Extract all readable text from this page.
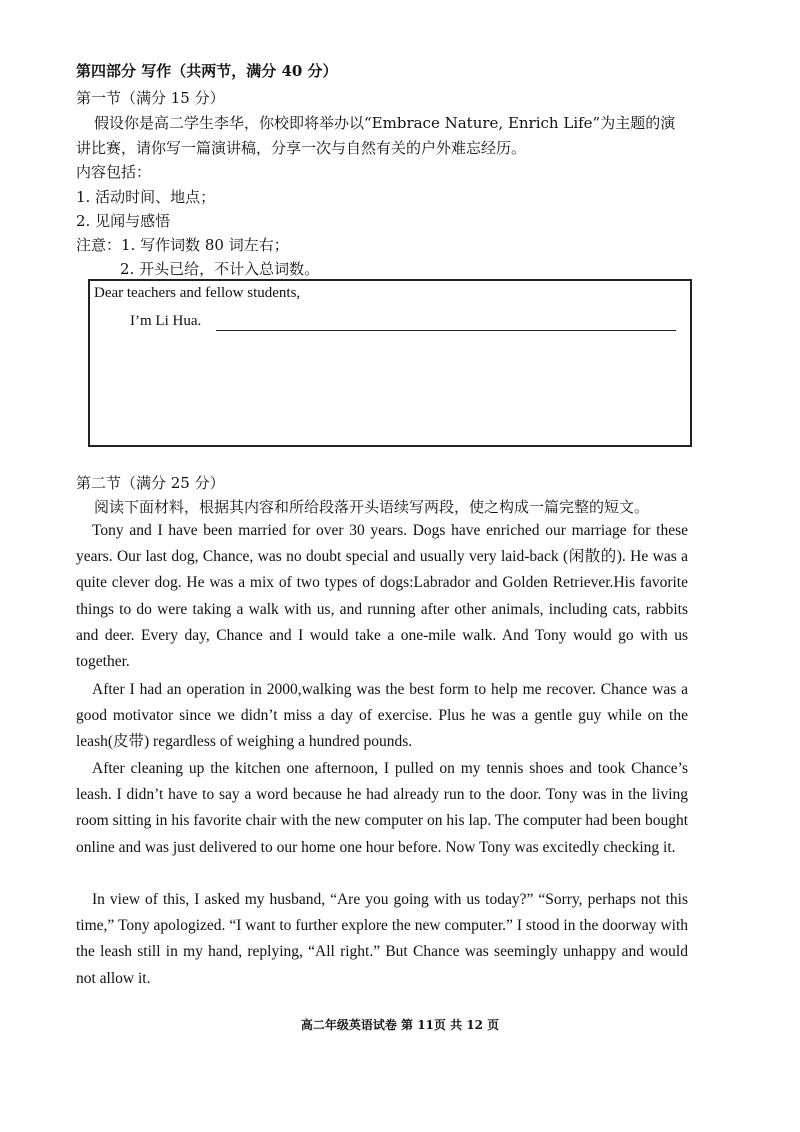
第四部分 写作（共两节，满分 40 分）
第一节（满分 15 分）
假设你是高二学生李华，你校即将举办以“Embrace Nature, Enrich Life”为主题的演
讲比赛，请你写一篇演讲稿，分享一次与自然有关的户外难忘经历。
内容包括：
1. 活动时间、地点；
2. 见闻与感悟
注意：1. 写作词数 80 词左右；
2. 开头已给，不计入总词数。
Dear teachers and fellow students,
I’m Li Hua.
第二节（满分 25 分）
阅读下面材料，根据其内容和所给段落开头语续写两段，使之构成一篇完整的短文。
Tony and I have been married for over 30 years. Dogs have enriched our marriage for these years. Our last dog, Chance, was no doubt special and usually very laid-back (闲散的). He was a quite clever dog. He was a mix of two types of dogs:Labrador and Golden Retriever.His favorite things to do were taking a walk with us, and running after other animals, including cats, rabbits and deer. Every day, Chance and I would take a one-mile walk. And Tony would go with us together.
After I had an operation in 2000,walking was the best form to help me recover. Chance was a good motivator since we didn’t miss a day of exercise. Plus he was a gentle guy while on the leash(皮带) regardless of weighing a hundred pounds.
After cleaning up the kitchen one afternoon, I pulled on my tennis shoes and took Chance’s leash. I didn’t have to say a word because he had already run to the door. Tony was in the living room sitting in his favorite chair with the new computer on his lap. The computer had been bought online and was just delivered to our home one hour before. Now Tony was excitedly checking it.
In view of this, I asked my husband, “Are you going with us today?” “Sorry, perhaps not this time,” Tony apologized. “I want to further explore the new computer.” I stood in the doorway with the leash still in my hand, replying, “All right.” But Chance was seemingly unhappy and would not allow it.
高二年级英语试卷 第 11页 共 12 页
